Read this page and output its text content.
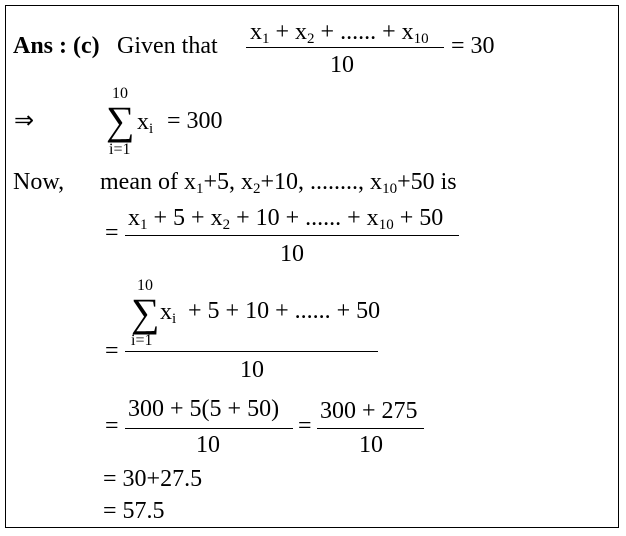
Ans : (c) Given that
$x_1 + x_2$ + ...... + $x_{10}$
10
= 30
⇒
10
∑
i=1
$x_i = 300$
Now, mean of $x_1+5$, $x_2+10$, ........, $x_{10}+50$ is
=
$x_1 + 5 + x_2 + 10$ + ...... + $x_{10} + 50$
10
10
∑
i=1
$x_i + 5 + 10$ + ...... + 50
=
10
=
300 + 5(5 + 50)
10
=
300 + 275
10
= 30+27.5
= 57.5
